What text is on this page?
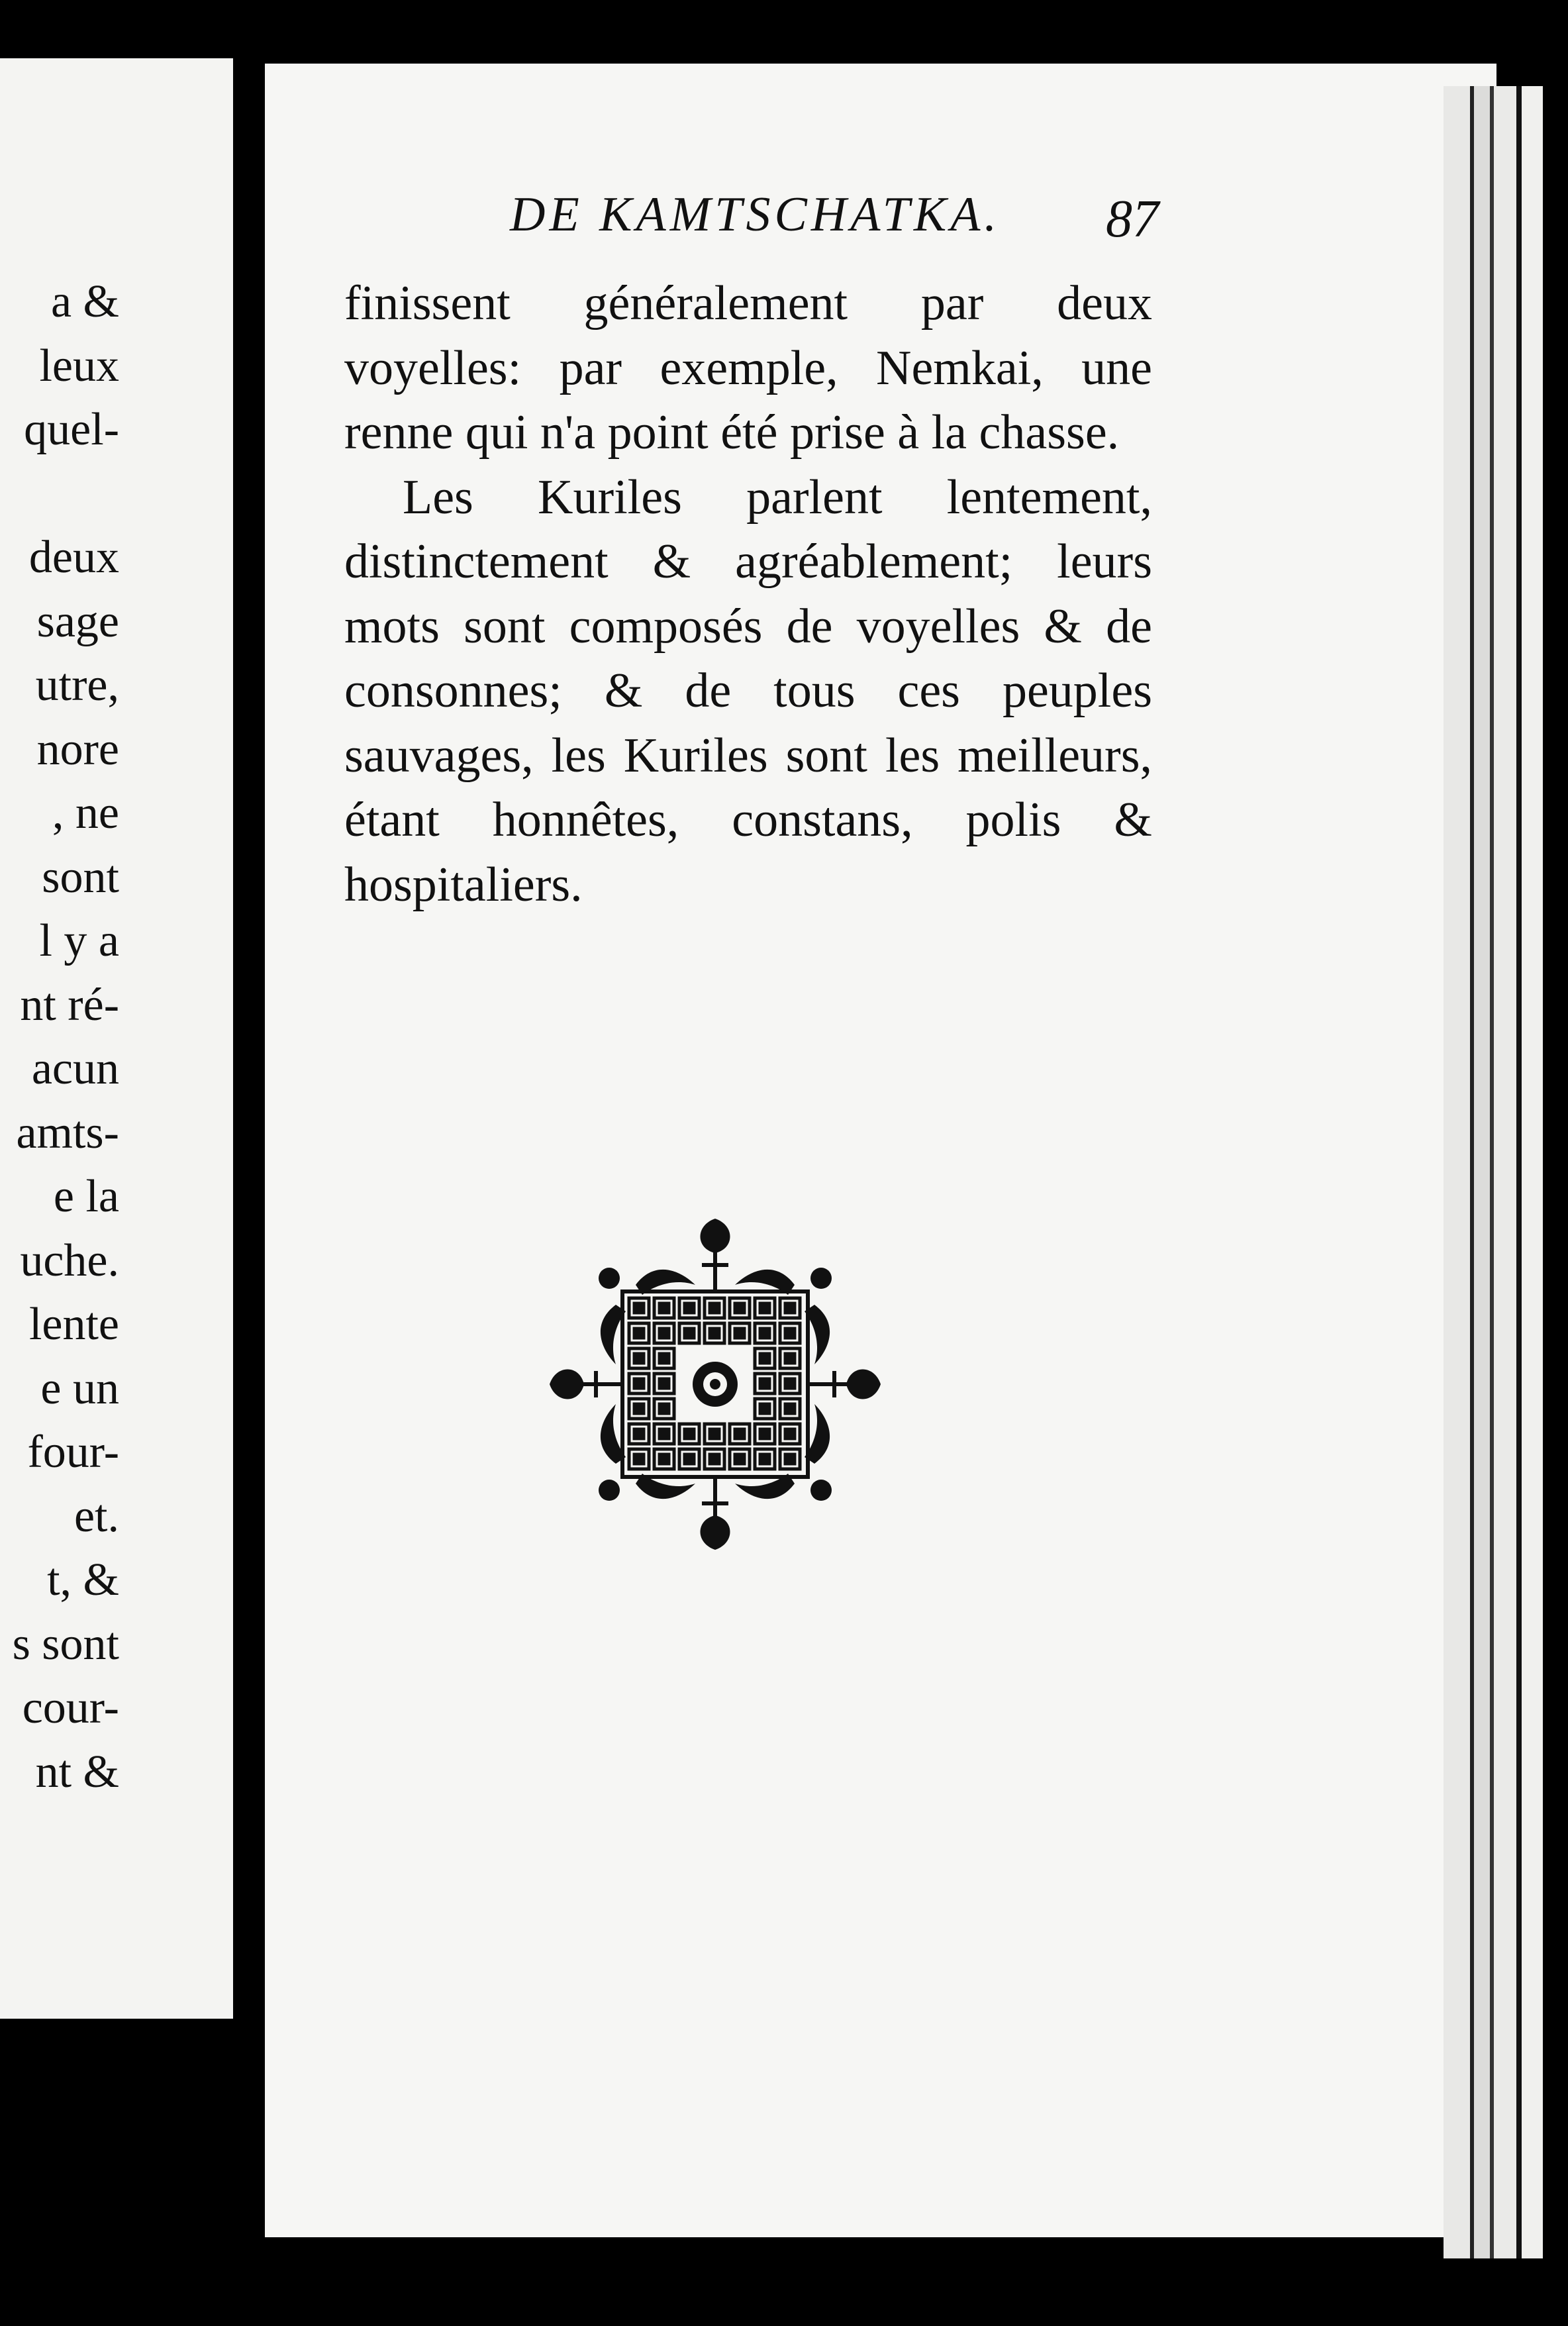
a &
leux
quel-
deux
sage
utre,
nore
, ne
sont
l y a
nt ré-
acun
amts-
e la
uche.
lente
e un
four-
et.
t, &
s sont
cour-
nt &
DE KAMTSCHATKA. 87

finissent généralement par deux voyelles: par exemple, Nemkai, une renne qui n'a point été prise à la chasse.

Les Kuriles parlent lentement, distinctement & agréablement; leurs mots sont composés de voyelles & de consonnes; & de tous ces peuples sauvages, les Kuriles sont les meilleurs, étant honnêtes, constans, polis & hospitaliers.
